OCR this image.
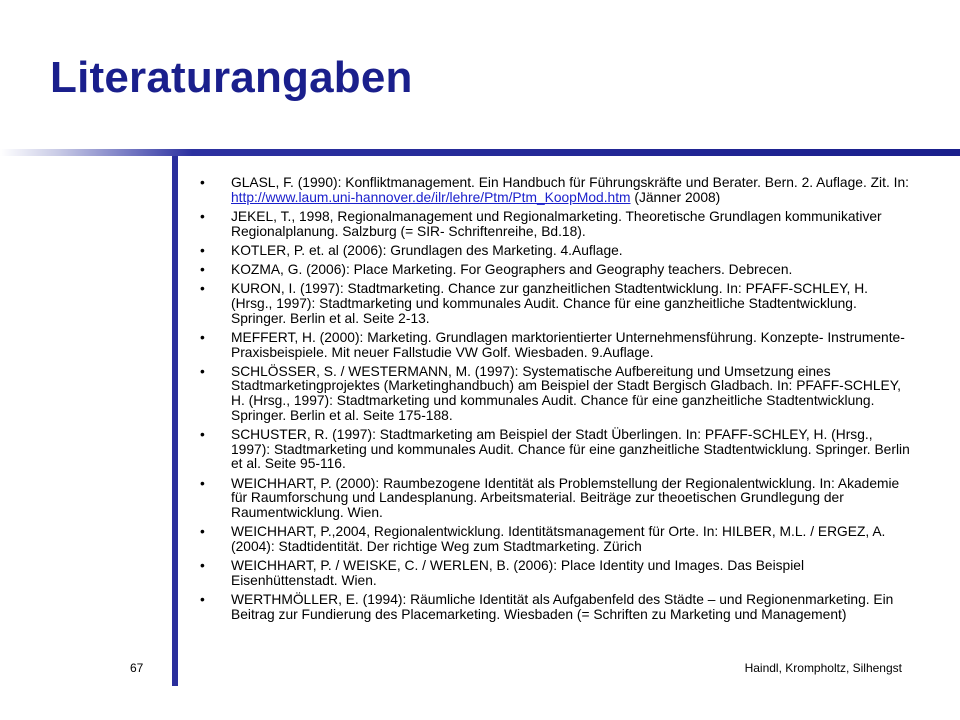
Literaturangaben
• GLASL, F. (1990): Konfliktmanagement. Ein Handbuch für Führungskräfte und Berater. Bern. 2. Auflage. Zit. In: http://www.laum.uni-hannover.de/ilr/lehre/Ptm/Ptm_KoopMod.htm (Jänner 2008)
• JEKEL, T., 1998, Regionalmanagement und Regionalmarketing. Theoretische Grundlagen kommunikativer Regionalplanung. Salzburg (= SIR- Schriftenreihe, Bd.18).
• KOTLER, P. et. al (2006): Grundlagen des Marketing. 4.Auflage.
• KOZMA, G. (2006): Place Marketing. For Geographers and Geography teachers. Debrecen.
• KURON, I. (1997): Stadtmarketing. Chance zur ganzheitlichen Stadtentwicklung. In: PFAFF-SCHLEY, H. (Hrsg., 1997): Stadtmarketing und kommunales Audit. Chance für eine ganzheitliche Stadtentwicklung. Springer. Berlin et al. Seite 2-13.
• MEFFERT, H. (2000): Marketing. Grundlagen marktorientierter Unternehmensführung. Konzepte- Instrumente- Praxisbeispiele. Mit neuer Fallstudie VW Golf. Wiesbaden. 9.Auflage.
• SCHLÖSSER, S. / WESTERMANN, M. (1997): Systematische Aufbereitung und Umsetzung eines Stadtmarketingprojektes (Marketinghandbuch) am Beispiel der Stadt Bergisch Gladbach. In: PFAFF-SCHLEY, H. (Hrsg., 1997): Stadtmarketing und kommunales Audit. Chance für eine ganzheitliche Stadtentwicklung. Springer. Berlin et al. Seite 175-188.
• SCHUSTER, R. (1997): Stadtmarketing am Beispiel der Stadt Überlingen. In: PFAFF-SCHLEY, H. (Hrsg., 1997): Stadtmarketing und kommunales Audit. Chance für eine ganzheitliche Stadtentwicklung. Springer. Berlin et al. Seite 95-116.
• WEICHHART, P. (2000): Raumbezogene Identität als Problemstellung der Regionalentwicklung. In: Akademie für Raumforschung und Landesplanung. Arbeitsmaterial. Beiträge zur theoetischen Grundlegung der Raumentwicklung. Wien.
• WEICHHART, P.,2004, Regionalentwicklung. Identitätsmanagement für Orte. In: HILBER, M.L. / ERGEZ, A. (2004): Stadtidentität. Der richtige Weg zum Stadtmarketing. Zürich
• WEICHHART, P. / WEISKE, C. / WERLEN, B. (2006): Place Identity und Images. Das Beispiel Eisenhüttenstadt. Wien.
• WERTHMÖLLER, E. (1994): Räumliche Identität als Aufgabenfeld des Städte – und Regionenmarketing. Ein Beitrag zur Fundierung des Placemarketing. Wiesbaden (= Schriften zu Marketing und Management)
67	Haindl, Krompholtz, Silhengst
